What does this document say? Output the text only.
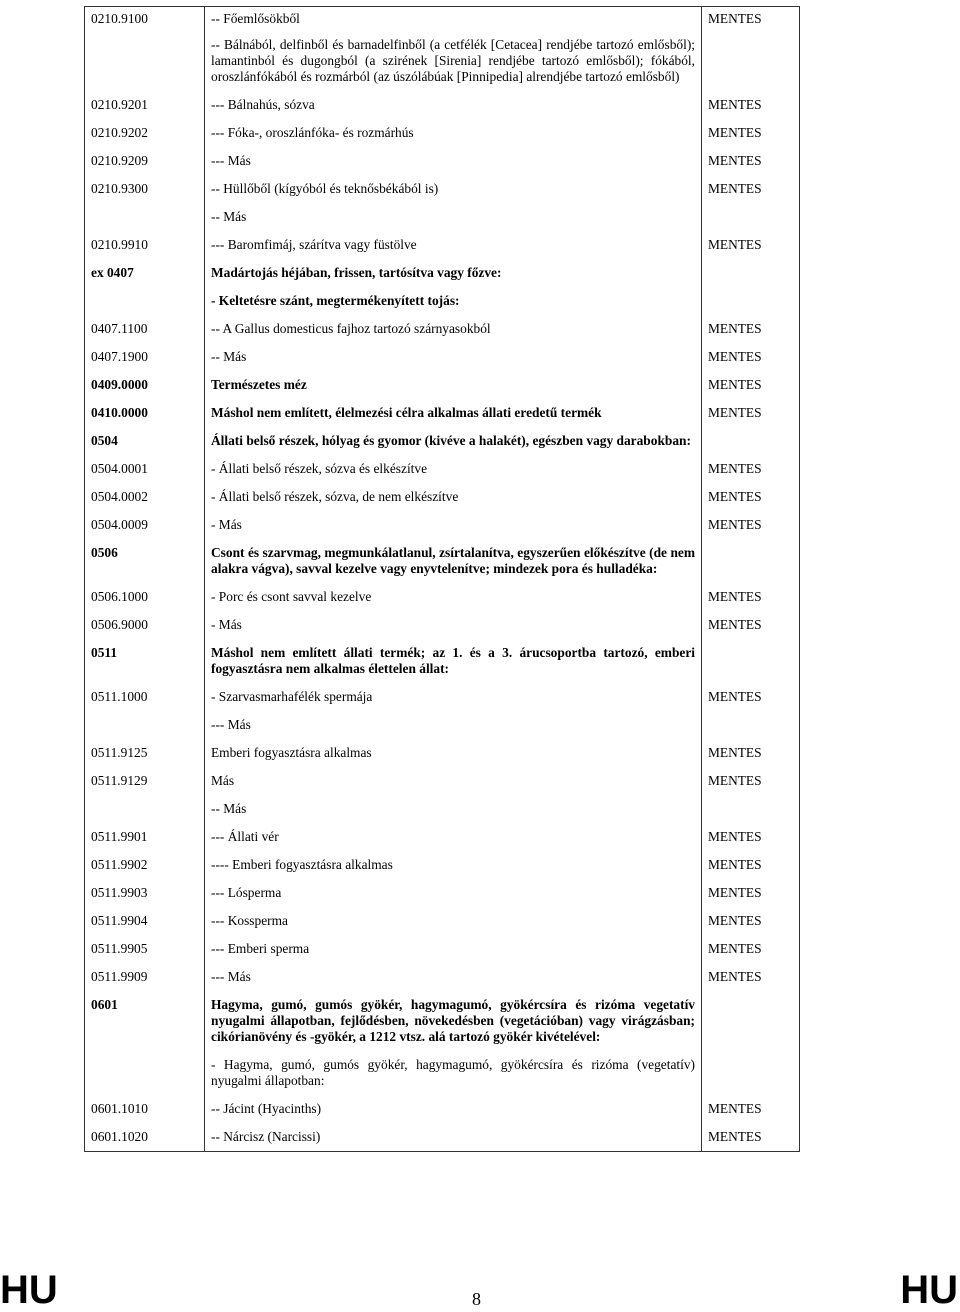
0210.9100	-- Főemlősökből	MENTES
	-- Bálnából, delfinből és barnadelfinből (a cetfélék [Cetacea] rendjébe tartozó emlősből); lamantinból és dugongból (a szirének [Sirenia] rendjébe tartozó emlősből); fókából, oroszlánfókából és rozmárból (az úszólábúak [Pinnipedia] alrendjébe tartozó emlősből)	
0210.9201	--- Bálnahús, sózva	MENTES
0210.9202	--- Fóka-, oroszlánfóka- és rozmárhús	MENTES
0210.9209	--- Más	MENTES
0210.9300	-- Hüllőből (kígyóból és teknősbékából is)	MENTES
	-- Más	
0210.9910	--- Baromfimáj, szárítva vagy füstölve	MENTES
ex 0407	Madártojás héjában, frissen, tartósítva vagy főzve:	
	- Keltetésre szánt, megtermékenyített tojás:	
0407.1100	-- A Gallus domesticus fajhoz tartozó szárnyasokból	MENTES
0407.1900	-- Más	MENTES
0409.0000	Természetes méz	MENTES
0410.0000	Máshol nem említett, élelmezési célra alkalmas állati eredetű termék	MENTES
0504	Állati belső részek, hólyag és gyomor (kivéve a halakét), egészben vagy darabokban:	
0504.0001	- Állati belső részek, sózva és elkészítve	MENTES
0504.0002	- Állati belső részek, sózva, de nem elkészítve	MENTES
0504.0009	- Más	MENTES
0506	Csont és szarvmag, megmunkálatlanul, zsírtalanítva, egyszerűen előkészítve (de nem alakra vágva), savval kezelve vagy enyvtelenítve; mindezek pora és hulladéka:	
0506.1000	- Porc és csont savval kezelve	MENTES
0506.9000	- Más	MENTES
0511	Máshol nem említett állati termék; az 1. és a 3. árucsoportba tartozó, emberi fogyasztásra nem alkalmas élettelen állat:	
0511.1000	- Szarvasmarhafélék spermája	MENTES
	--- Más	
0511.9125	Emberi fogyasztásra alkalmas	MENTES
0511.9129	Más	MENTES
	-- Más	
0511.9901	--- Állati vér	MENTES
0511.9902	---- Emberi fogyasztásra alkalmas	MENTES
0511.9903	--- Lósperma	MENTES
0511.9904	--- Kossperma	MENTES
0511.9905	--- Emberi sperma	MENTES
0511.9909	--- Más	MENTES
0601	Hagyma, gumó, gumós gyökér, hagymagumó, gyökércsíra és rizóma vegetatív nyugalmi állapotban, fejlődésben, növekedésben (vegetációban) vagy virágzásban; cikórianövény és -gyökér, a 1212 vtsz. alá tartozó gyökér kivételével:	
	- Hagyma, gumó, gumós gyökér, hagymagumó, gyökércsíra és rizóma (vegetatív) nyugalmi állapotban:	
0601.1010	-- Jácint (Hyacinths)	MENTES
0601.1020	-- Nárcisz (Narcissi)	MENTES
HU	8	HU
